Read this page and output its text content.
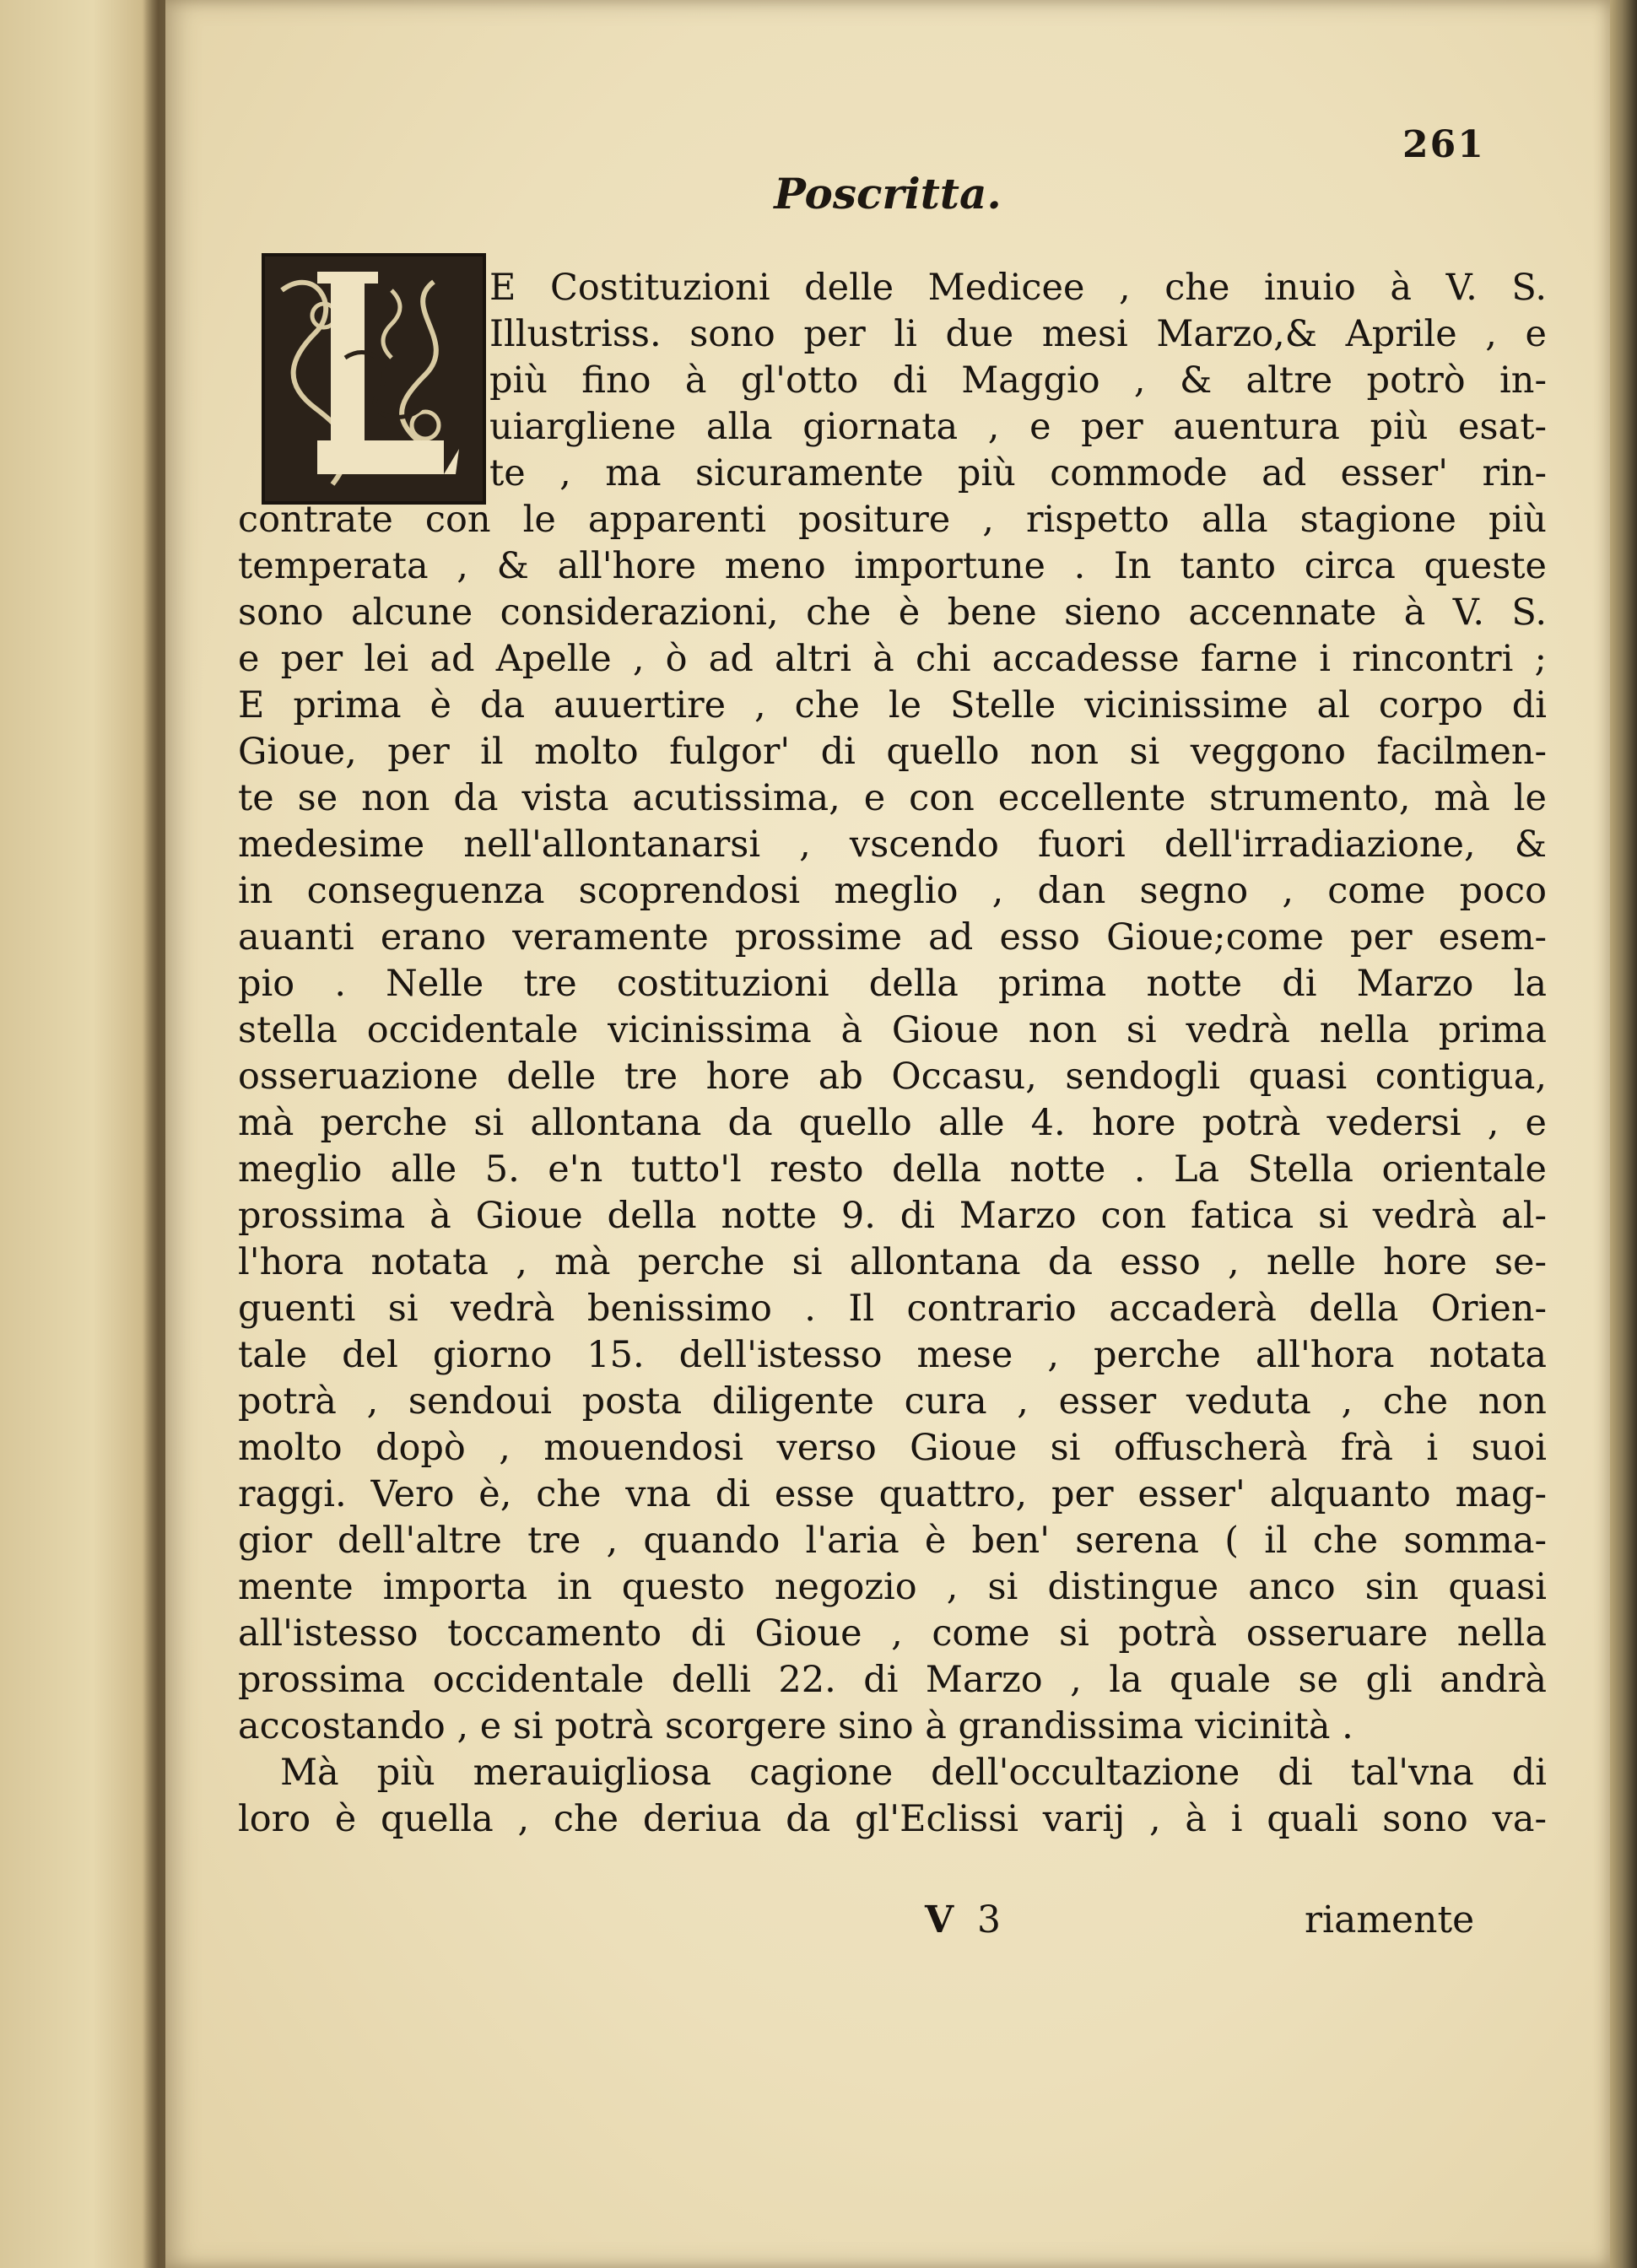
261
Poscritta.
E Costituzioni delle Medicee , che inuio à V. S.
Illustriss. sono per li due mesi Marzo,& Aprile , e
più fino à gl'otto di Maggio , & altre potrò in-
uiargliene alla giornata , e per auentura più esat-
te , ma sicuramente più commode ad esser' rin-
contrate con le apparenti positure , rispetto alla stagione più
temperata , & all'hore meno importune . In tanto circa queste
sono alcune considerazioni, che è bene sieno accennate à V. S.
e per lei ad Apelle , ò ad altri à chi accadesse farne i rincontri ;
E prima è da auuertire , che le Stelle vicinissime al corpo di
Gioue, per il molto fulgor' di quello non si veggono facilmen-
te se non da vista acutissima, e con eccellente strumento, mà le
medesime nell'allontanarsi , vscendo fuori dell'irradiazione, &
in conseguenza scoprendosi meglio , dan segno , come poco
auanti erano veramente prossime ad esso Gioue;come per esem-
pio . Nelle tre costituzioni della prima notte di Marzo la
stella occidentale vicinissima à Gioue non si vedrà nella prima
osseruazione delle tre hore ab Occasu, sendogli quasi contigua,
mà perche si allontana da quello alle 4. hore potrà vedersi , e
meglio alle 5. e'n tutto'l resto della notte . La Stella orientale
prossima à Gioue della notte 9. di Marzo con fatica si vedrà al-
l'hora notata , mà perche si allontana da esso , nelle hore se-
guenti si vedrà benissimo . Il contrario accaderà della Orien-
tale del giorno 15. dell'istesso mese , perche all'hora notata
potrà , sendoui posta diligente cura , esser veduta , che non
molto dopò , mouendosi verso Gioue si offuscherà frà i suoi
raggi. Vero è, che vna di esse quattro, per esser' alquanto mag-
gior dell'altre tre , quando l'aria è ben' serena ( il che somma-
mente importa in questo negozio , si distingue anco sin quasi
all'istesso toccamento di Gioue , come si potrà osseruare nella
prossima occidentale delli 22. di Marzo , la quale se gli andrà
accostando , e si potrà scorgere sino à grandissima vicinità .
Mà più merauigliosa cagione dell'occultazione di tal'vna di
loro è quella , che deriua da gl'Eclissi varij , à i quali sono va-
V 3	riamente
